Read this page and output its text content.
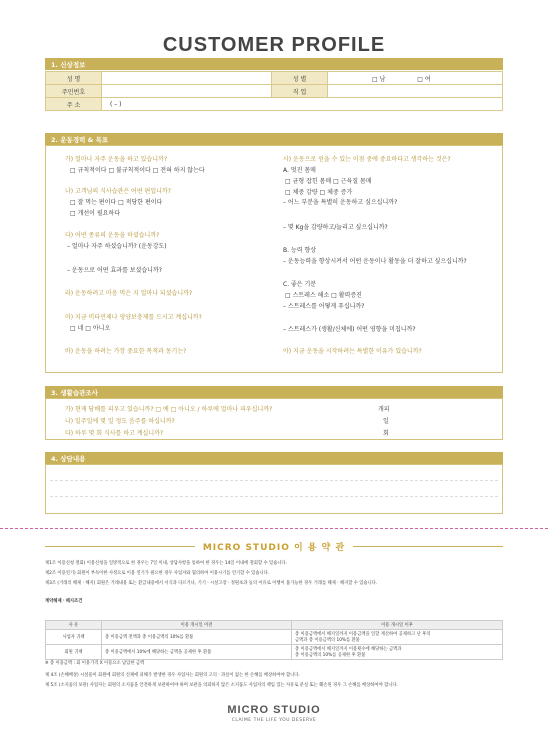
CUSTOMER PROFILE
1. 신상정보
성 명		성 별	□ 남 □ 여
주민번호		직 업	
주 소	( – )		
2. 운동경력 & 목표
가) 얼마나 자주 운동을 하고 있습니까?
□ 규칙적이다 □ 불규칙적이다 □ 전혀 하지 않는다
나) 고객님의 식사습관은 어떤 편입니까?
□ 잘 먹는 편이다 □ 적당한 편이다
□ 개선이 필요하다
다) 어떤 종류의 운동을 하셨습니까?
– 얼마나 자주 하셨습니까? (운동강도)
– 운동으로 어떤 효과를 보셨습니까?
라) 운동하려고 마음 먹은 지 얼마나 되셨습니까?
마) 지금 비타민제나 영양보충제를 드시고 계십니까?
□ 네 □ 아니오
바) 운동을 하려는 가장 중요한 목적과 동기는?
사) 운동으로 얻을 수 있는 이점 중에 중요하다고 생각하는 것은?
A. 멋진 몸매
□ 균형 잡힌 몸매 □ 근육질 몸매
□ 체중 감량 □ 체중 증가
– 어느 부분을 특별히 운동하고 싶으십니까?
– 몇 Kg을 감량하고/늘리고 싶으십니까?
B. 능력 향상
– 운동능력을 향상시켜서 어떤 운동이나 활동을 더 잘하고 싶으십니까?
C. 좋은 기분
□ 스트레스 해소 □ 활력증진
– 스트레스를 어떻게 푸십니까?
– 스트레스가 (생활/신체에) 어떤 영향을 미칩니까?
아) 지금 운동을 시작하려는 특별한 이유가 있습니까?
3. 생활습관조사
가) 현재 담배를 피우고 있습니까? □ 예 □ 아니오 / 하루에 얼마나 피우십니까?	개피
나) 일주일에 몇 일 정도 음주를 하십니까?	일
다) 하루 몇 회 식사를 하고 계십니까?	회
4. 상담내용
MICRO STUDIO 이 용 약 관
제1조 이용신청 철회) 이용신청을 일방적으로 한 경우는 7일 이내, 상담사항을 통하여 한 경우는 14일 이내에 철회할 수 있습니다.
제2조 이용연기) 회원이 부득이한 사정으로 이용 연기가 필요한 경우 사업자와 협의하여 이용시기를 연기할 수 있습니다.
제3조 (거래의 해제ㆍ해지) 회원은 거래내용 또는 환급내용에서 서식과 다르거나, 기기ㆍ시설고장ㆍ정원초과 등의 이유로 이행이 불가능한 경우 거래를 해제ㆍ해지할 수 있습니다.
계약해제ㆍ해지조건
사 유	이용 개시일 이전	이용 개시일 이후
사업자 귀책	총 이용금액 전액과 총 이용금액의 10%를 환불	총 이용금액에서 해지일까지 이용금액을 일할 계산하여 공제하고 난 후의
금액과 총 이용금액의 10%를 환불

회원 귀책	총 이용금액에서 10%에 해당하는 금액을 공제한 후 환불	총 이용금액에서 해지일까지 이용횟수에 해당하는 금액과
총 이용금액의 10%를 공제한 후 환불
※ 총 이용금액 : 회 이용가격 X 이용요소 납입한 금액
제 4조 (손해배상) 시설물이 회원에 회원의 신체에 피해가 발생한 경우 사업자는 회원의 고의ㆍ과실이 없는 한 손해를 배상하여야 합니다.
제 5조 (소지품의 보관) 사업자는 회원의 소지품을 안전하게 보관하여야 하며 보관을 의뢰하지 않은 소지품도 사업자의 책임 있는 사유로 분실 또는 훼손된 경우 그 손해를 배상하여야 합니다.
MICRO STUDIO
CLAIME THE LIFE YOU DESERVE
